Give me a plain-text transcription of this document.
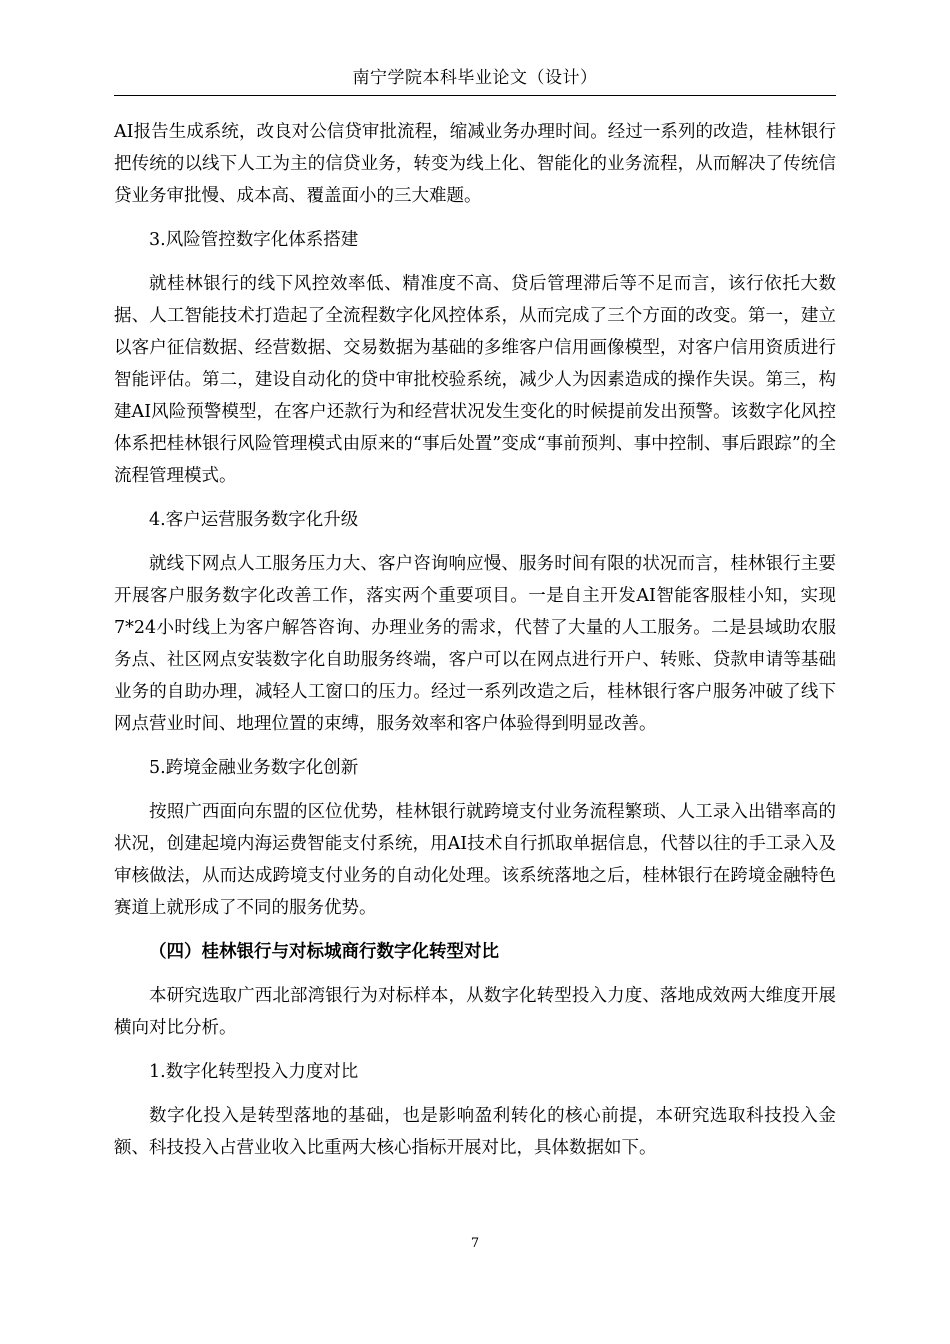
南宁学院本科毕业论文（设计）

AI报告生成系统，改良对公信贷审批流程，缩减业务办理时间。经过一系列的改造，桂林银行把传统的以线下人工为主的信贷业务，转变为线上化、智能化的业务流程，从而解决了传统信贷业务审批慢、成本高、覆盖面小的三大难题。

3.风险管控数字化体系搭建

就桂林银行的线下风控效率低、精准度不高、贷后管理滞后等不足而言，该行依托大数据、人工智能技术打造起了全流程数字化风控体系，从而完成了三个方面的改变。第一，建立以客户征信数据、经营数据、交易数据为基础的多维客户信用画像模型，对客户信用资质进行智能评估。第二，建设自动化的贷中审批校验系统，减少人为因素造成的操作失误。第三，构建AI风险预警模型，在客户还款行为和经营状况发生变化的时候提前发出预警。该数字化风控体系把桂林银行风险管理模式由原来的“事后处置”变成“事前预判、事中控制、事后跟踪”的全流程管理模式。

4.客户运营服务数字化升级

就线下网点人工服务压力大、客户咨询响应慢、服务时间有限的状况而言，桂林银行主要开展客户服务数字化改善工作，落实两个重要项目。一是自主开发AI智能客服桂小知，实现7*24小时线上为客户解答咨询、办理业务的需求，代替了大量的人工服务。二是县域助农服务点、社区网点安装数字化自助服务终端，客户可以在网点进行开户、转账、贷款申请等基础业务的自助办理，减轻人工窗口的压力。经过一系列改造之后，桂林银行客户服务冲破了线下网点营业时间、地理位置的束缚，服务效率和客户体验得到明显改善。

5.跨境金融业务数字化创新

按照广西面向东盟的区位优势，桂林银行就跨境支付业务流程繁琐、人工录入出错率高的状况，创建起境内海运费智能支付系统，用AI技术自行抓取单据信息，代替以往的手工录入及审核做法，从而达成跨境支付业务的自动化处理。该系统落地之后，桂林银行在跨境金融特色赛道上就形成了不同的服务优势。

（四）桂林银行与对标城商行数字化转型对比

本研究选取广西北部湾银行为对标样本，从数字化转型投入力度、落地成效两大维度开展横向对比分析。

1.数字化转型投入力度对比

数字化投入是转型落地的基础，也是影响盈利转化的核心前提，本研究选取科技投入金额、科技投入占营业收入比重两大核心指标开展对比，具体数据如下。

7
